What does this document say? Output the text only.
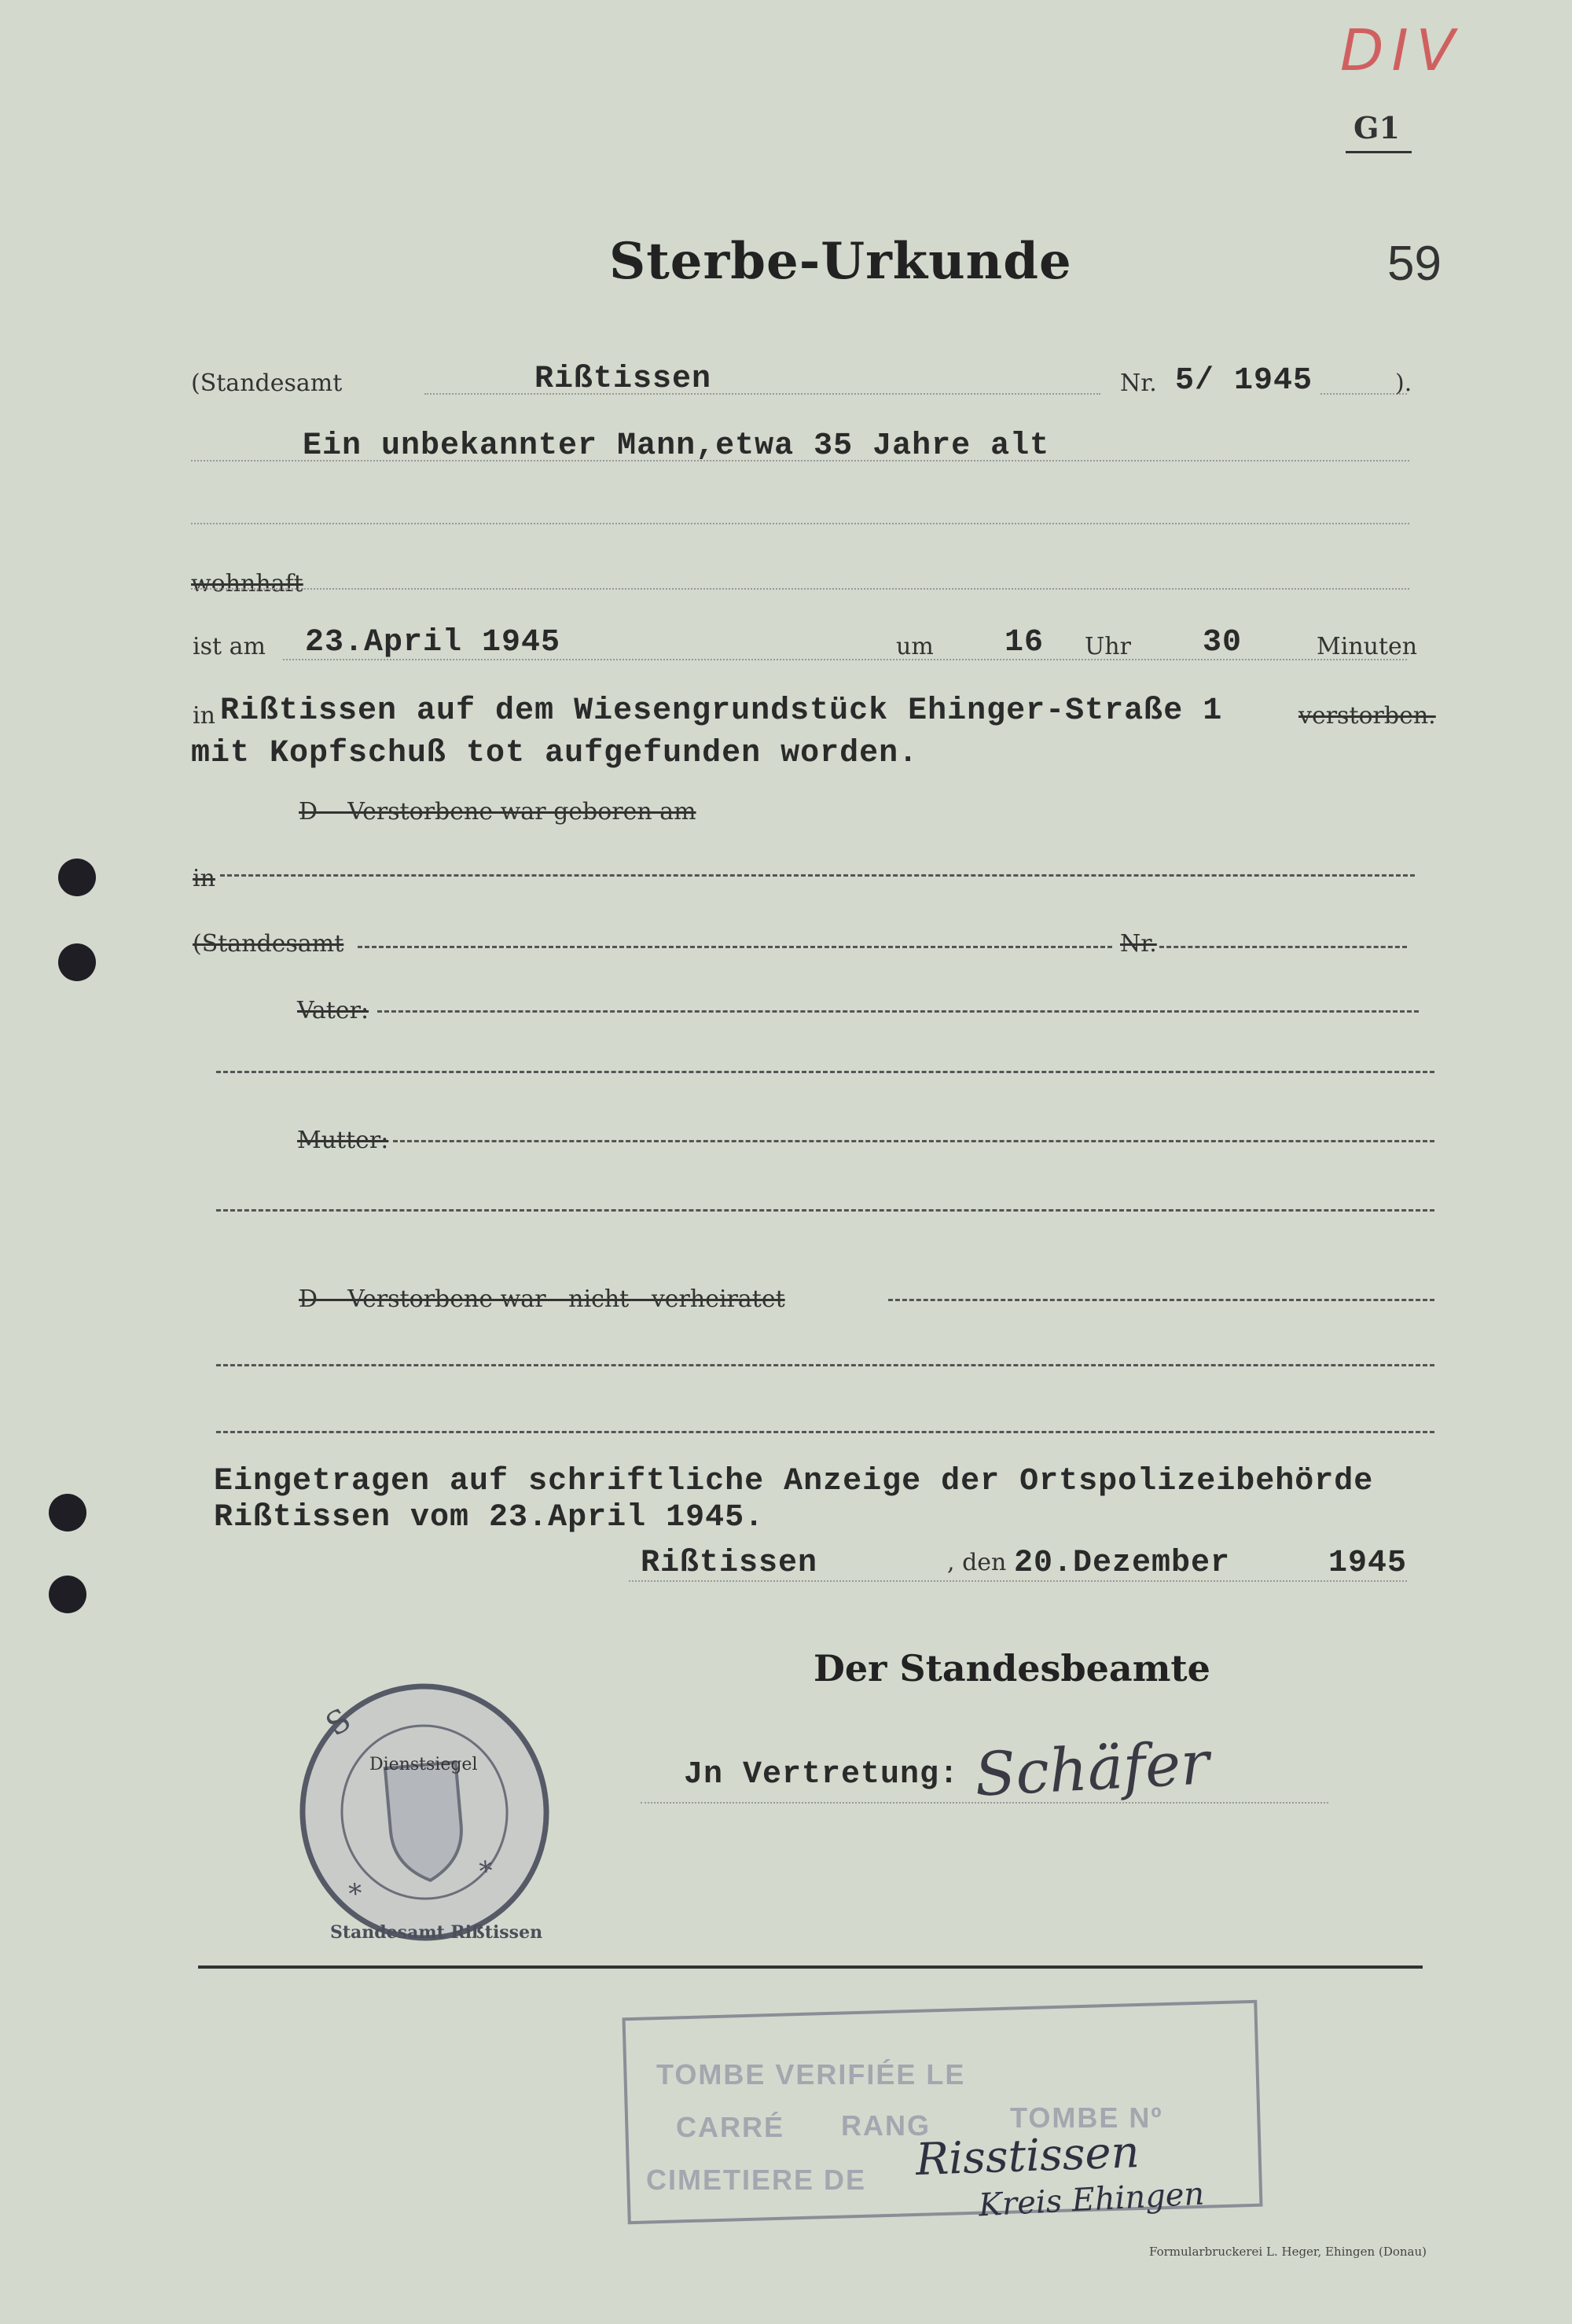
DIV
G1
Sterbe-Urkunde	59
(Standesamt	Rißtissen	Nr. 5/ 1945	).
Ein unbekannter Mann,etwa 35 Jahre alt
wohnhaft
ist am 23.April 1945	um 16 Uhr 30	Minuten
in Rißtissen auf dem Wiesengrundstück Ehinger-Straße 1	verstorben.
mit Kopfschuß tot aufgefunden worden.
D    Verstorbene war geboren am
in
(Standesamt	Nr.
Vater:
Mutter:
D    Verstorbene war   nicht   verheiratet
Eingetragen auf schriftliche Anzeige der Ortspolizeibehörde
Rißtissen vom 23.April 1945.
Rißtissen	, den 20.Dezember	1945
Der Standesbeamte
Jn Vertretung: Schäfer
S
*
*
Standesamt Rißtissen
Dienstsiegel
TOMBE VERIFIÉE LE
CARRÉ RANG	TOMBE Nº
CIMETIERE DE Risstissen
Kreis Ehingen
Formularbruckerei L. Heger, Ehingen (Donau)
